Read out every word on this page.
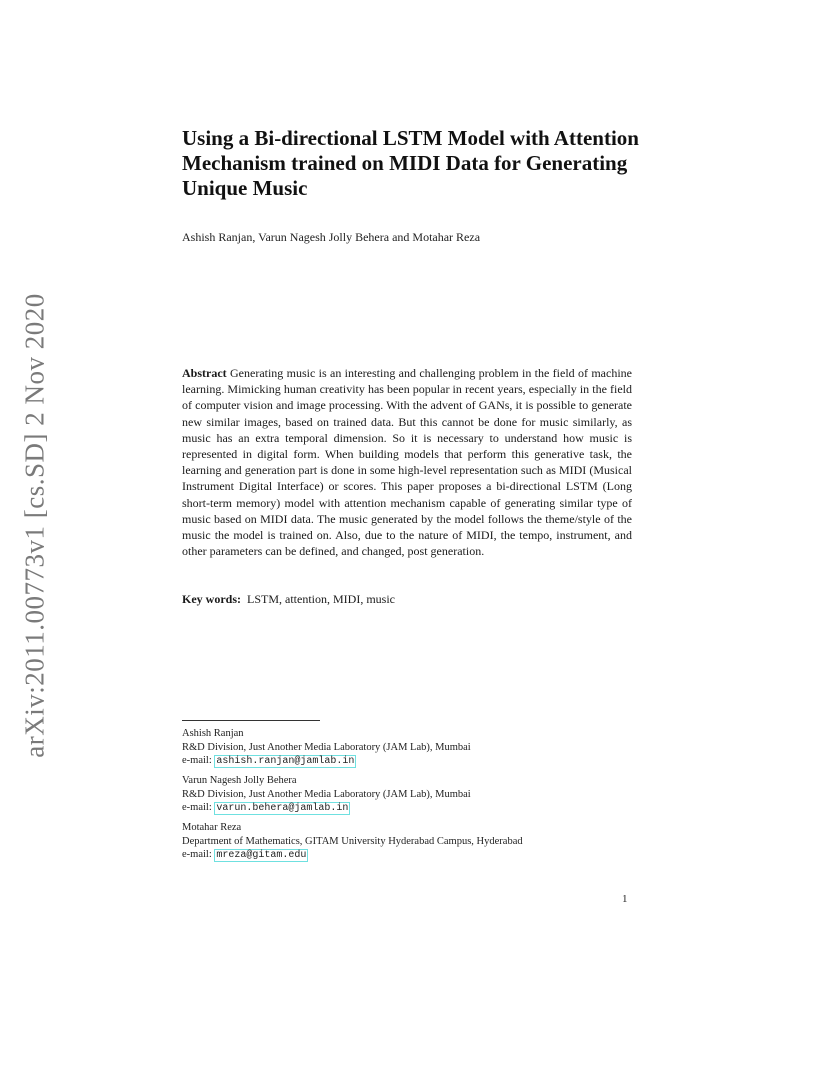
arXiv:2011.00773v1 [cs.SD] 2 Nov 2020
Using a Bi-directional LSTM Model with Attention Mechanism trained on MIDI Data for Generating Unique Music
Ashish Ranjan, Varun Nagesh Jolly Behera and Motahar Reza

Abstract Generating music is an interesting and challenging problem in the field of machine learning. Mimicking human creativity has been popular in recent years, especially in the field of computer vision and image processing. With the advent of GANs, it is possible to generate new similar images, based on trained data. But this cannot be done for music similarly, as music has an extra temporal dimension. So it is necessary to understand how music is represented in digital form. When building models that perform this generative task, the learning and generation part is done in some high-level representation such as MIDI (Musical Instrument Digital Interface) or scores. This paper proposes a bi-directional LSTM (Long short-term memory) model with attention mechanism capable of generating similar type of music based on MIDI data. The music generated by the model follows the theme/style of the music the model is trained on. Also, due to the nature of MIDI, the tempo, instrument, and other parameters can be defined, and changed, post generation.

Key words: LSTM, attention, MIDI, music
Ashish Ranjan
R&D Division, Just Another Media Laboratory (JAM Lab), Mumbai
e-mail: ashish.ranjan@jamlab.in
Varun Nagesh Jolly Behera
R&D Division, Just Another Media Laboratory (JAM Lab), Mumbai
e-mail: varun.behera@jamlab.in
Motahar Reza
Department of Mathematics, GITAM University Hyderabad Campus, Hyderabad
e-mail: mreza@gitam.edu
1
